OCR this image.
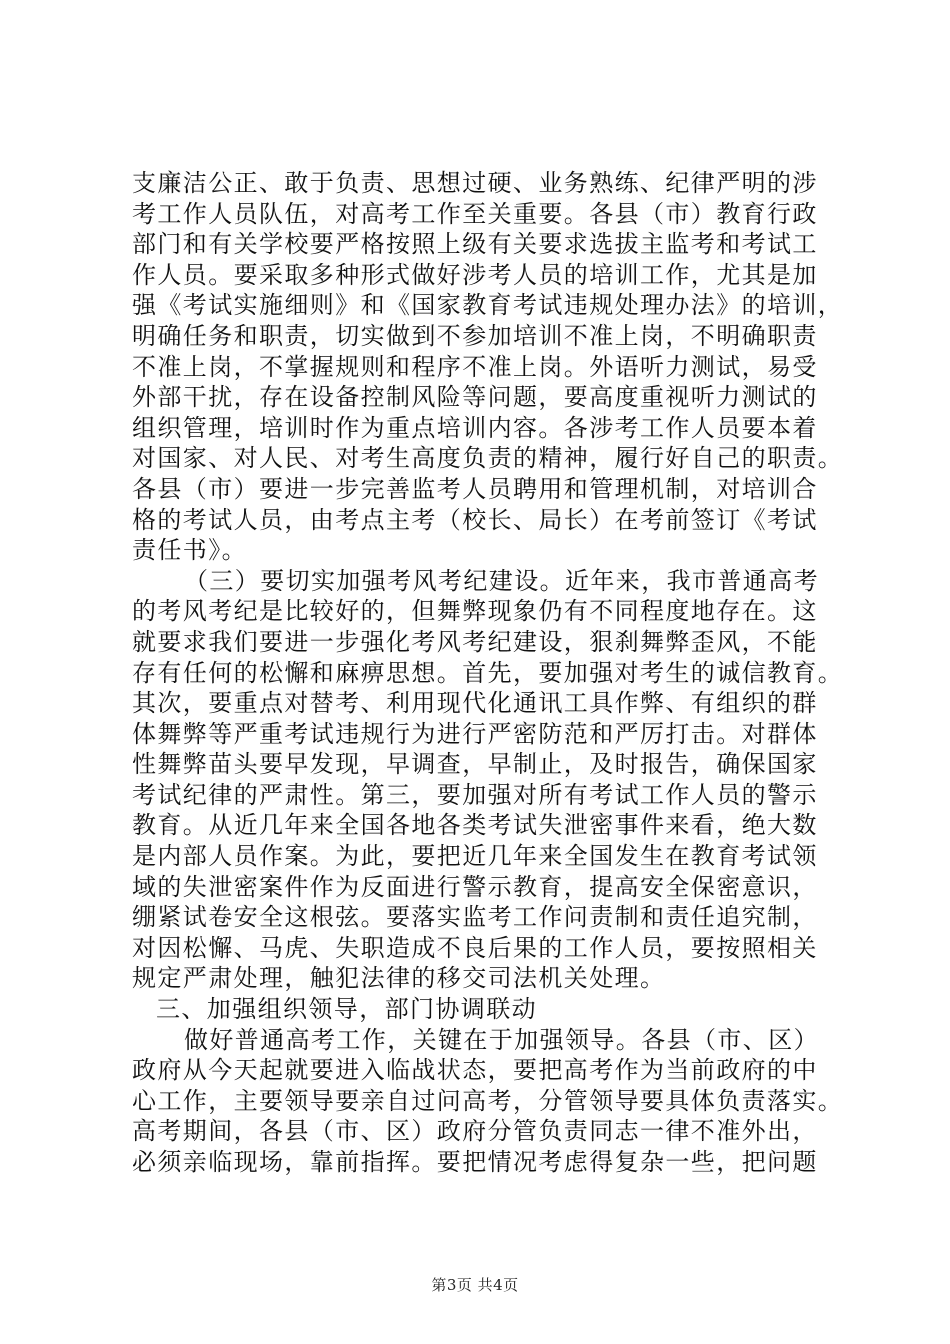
支廉洁公正、敢于负责、思想过硬、业务熟练、纪律严明的涉
考工作人员队伍，对高考工作至关重要。各县（市）教育行政
部门和有关学校要严格按照上级有关要求选拔主监考和考试工
作人员。要采取多种形式做好涉考人员的培训工作，尤其是加
强《考试实施细则》和《国家教育考试违规处理办法》的培训，
明确任务和职责，切实做到不参加培训不准上岗，不明确职责
不准上岗，不掌握规则和程序不准上岗。外语听力测试，易受
外部干扰，存在设备控制风险等问题，要高度重视听力测试的
组织管理，培训时作为重点培训内容。各涉考工作人员要本着
对国家、对人民、对考生高度负责的精神，履行好自己的职责。
各县（市）要进一步完善监考人员聘用和管理机制，对培训合
格的考试人员，由考点主考（校长、局长）在考前签订《考试
责任书》。
（三）要切实加强考风考纪建设。近年来，我市普通高考
的考风考纪是比较好的，但舞弊现象仍有不同程度地存在。这
就要求我们要进一步强化考风考纪建设，狠刹舞弊歪风，不能
存有任何的松懈和麻痹思想。首先，要加强对考生的诚信教育。
其次，要重点对替考、利用现代化通讯工具作弊、有组织的群
体舞弊等严重考试违规行为进行严密防范和严厉打击。对群体
性舞弊苗头要早发现，早调查，早制止，及时报告，确保国家
考试纪律的严肃性。第三，要加强对所有考试工作人员的警示
教育。从近几年来全国各地各类考试失泄密事件来看，绝大数
是内部人员作案。为此，要把近几年来全国发生在教育考试领
域的失泄密案件作为反面进行警示教育，提高安全保密意识，
绷紧试卷安全这根弦。要落实监考工作问责制和责任追究制，
对因松懈、马虎、失职造成不良后果的工作人员，要按照相关
规定严肃处理，触犯法律的移交司法机关处理。
三、加强组织领导，部门协调联动
做好普通高考工作，关键在于加强领导。各县（市、区）
政府从今天起就要进入临战状态，要把高考作为当前政府的中
心工作，主要领导要亲自过问高考，分管领导要具体负责落实。
高考期间，各县（市、区）政府分管负责同志一律不准外出，
必须亲临现场，靠前指挥。要把情况考虑得复杂一些，把问题
第3页 共4页
